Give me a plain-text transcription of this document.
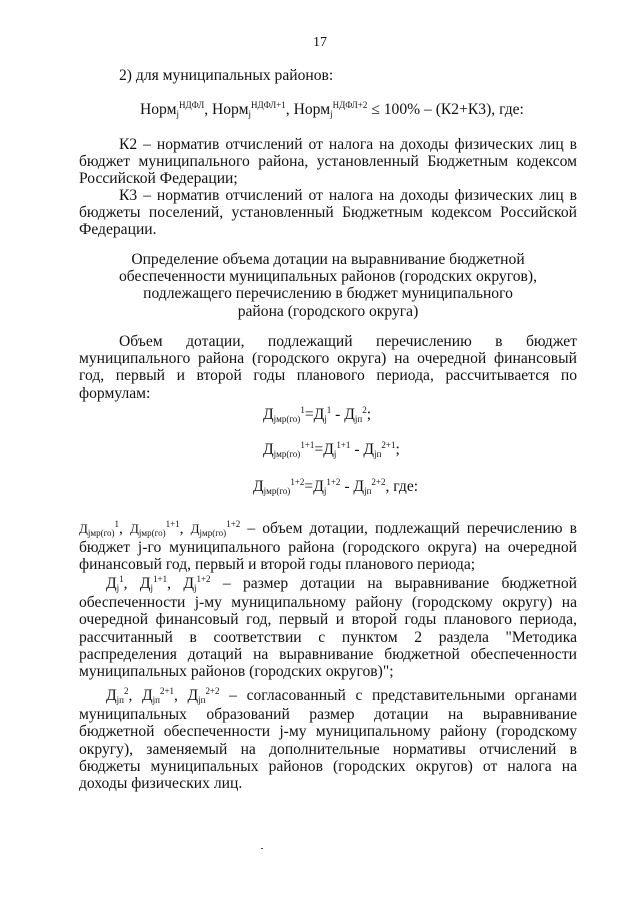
17
2) для муниципальных районов:
Нормj$^{НДФЛ}$, Нормj$^{НДФЛ+1}$, Нормj$^{НДФЛ+2}$ ≤ 100% – (К2+К3), где:
К2 – норматив отчислений от налога на доходы физических лиц в бюджет муниципального района, установленный Бюджетным кодексом Российской Федерации;
К3 – норматив отчислений от налога на доходы физических лиц в бюджеты поселений, установленный Бюджетным кодексом Российской Федерации.
Определение объема дотации на выравнивание бюджетной
обеспеченности муниципальных районов (городских округов),
подлежащего перечислению в бюджет муниципального
района (городского округа)
Объем дотации, подлежащий перечислению в бюджет муниципального района (городского округа) на очередной финансовый год, первый и второй годы планового периода, рассчитывается по формулам:
$Дjмр(го)^1=Дj^1 - Дjп^2$;
$Дjмр(го)^{1+1}=Дj^{1+1} - Дjп^{2+1}$;
$Дjмр(го)^{1+2}=Дj^{1+2} - Дjп^{2+2}$, где:
Дjмр(го)$^1$, Дjмр(го)$^{1+1}$, Дjмр(го)$^{1+2}$ – объем дотации, подлежащий перечислению в бюджет j-го муниципального района (городского округа) на очередной финансовый год, первый и второй годы планового периода;
$Дj^1$, $Дj^{1+1}$, $Дj^{1+2}$ – размер дотации на выравнивание бюджетной обеспеченности j-му муниципальному району (городскому округу) на очередной финансовый год, первый и второй годы планового периода, рассчитанный в соответствии с пунктом 2 раздела "Методика распределения дотаций на выравнивание бюджетной обеспеченности муниципальных районов (городских округов)";
Дjп$^2$, Дjп$^{2+1}$, Дjп$^{2+2}$ – согласованный с представительными органами муниципальных образований размер дотации на выравнивание бюджетной обеспеченности j-му муниципальному району (городскому округу), заменяемый на дополнительные нормативы отчислений в бюджеты муниципальных районов (городских округов) от налога на доходы физических лиц.
